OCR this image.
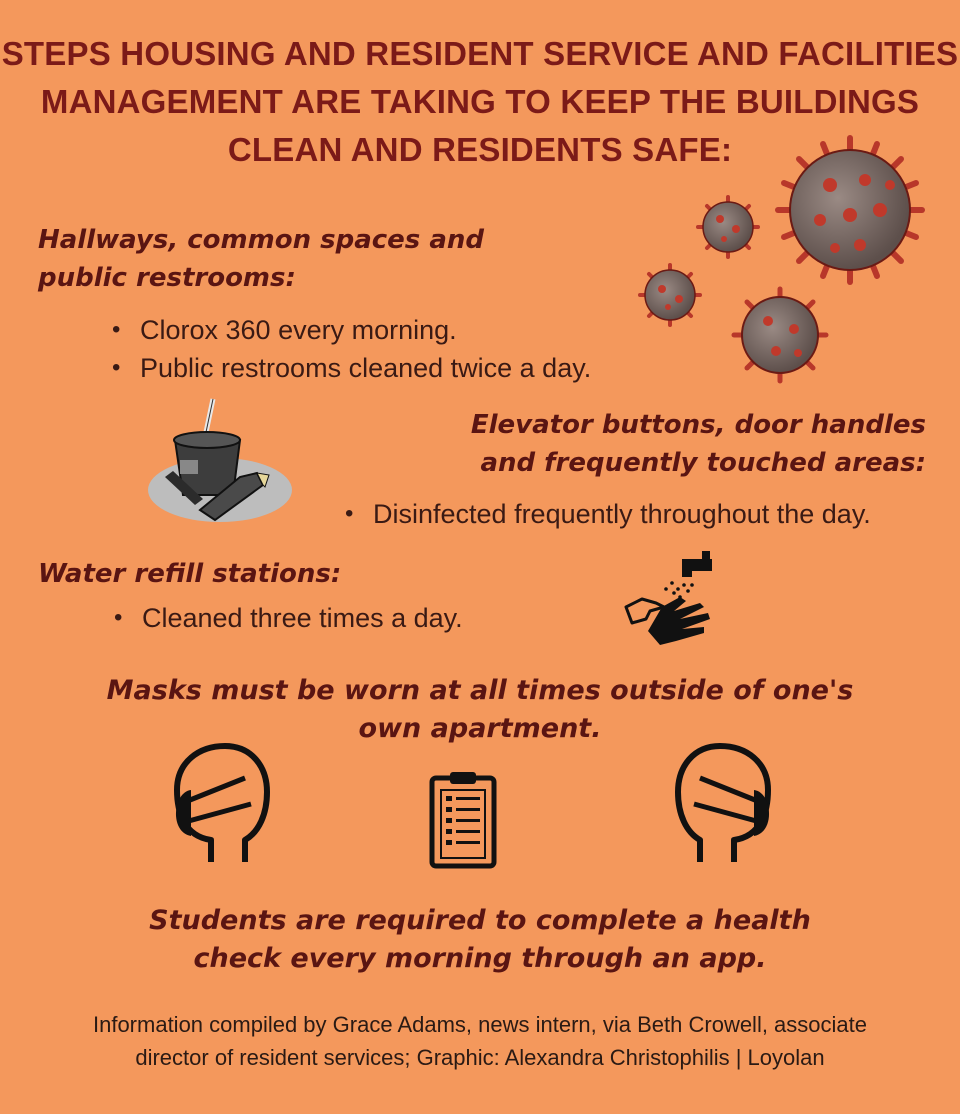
STEPS HOUSING AND RESIDENT SERVICE AND FACILITIES
MANAGEMENT ARE TAKING TO KEEP THE BUILDINGS
CLEAN AND RESIDENTS SAFE:
Hallways, common spaces and
public restrooms:
• Clorox 360 every morning.
• Public restrooms cleaned twice a day.
Elevator buttons, door handles
and frequently touched areas:
• Disinfected frequently throughout the day.
Water refill stations:
• Cleaned three times a day.
Masks must be worn at all times outside of one's
own apartment.
Students are required to complete a health
check every morning through an app.

Information compiled by Grace Adams, news intern, via Beth Crowell, associate
director of resident services; Graphic: Alexandra Christophilis | Loyolan
